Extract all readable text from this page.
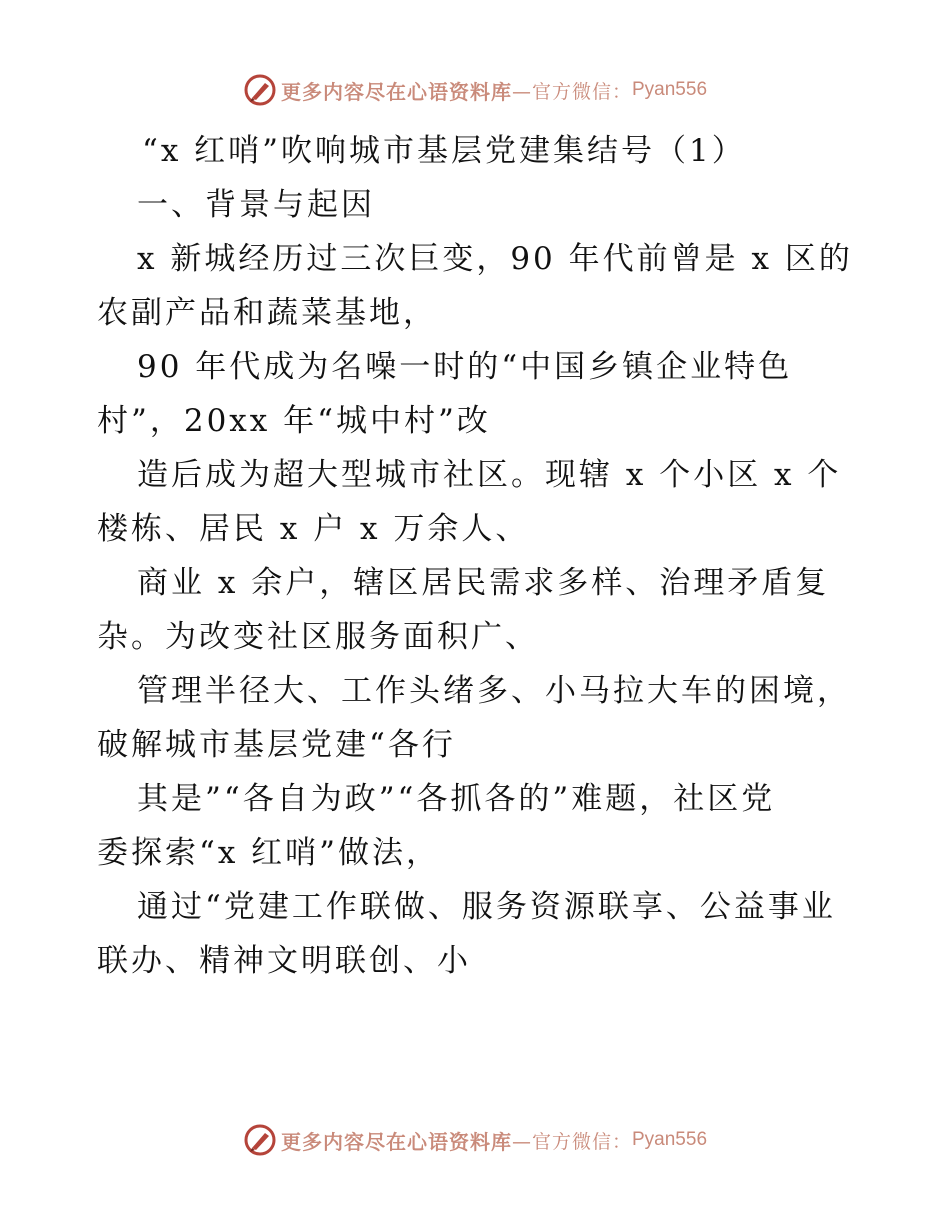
更多内容尽在心语资料库 —官方微信： Pyan556
“x 红哨”吹响城市基层党建集结号（1）
一、背景与起因
x 新城经历过三次巨变，90 年代前曾是 x 区的
农副产品和蔬菜基地，
90 年代成为名噪一时的“中国乡镇企业特色
村”，20xx 年“城中村”改
造后成为超大型城市社区。现辖 x 个小区 x 个
楼栋、居民 x 户 x 万余人、
商业 x 余户，辖区居民需求多样、治理矛盾复
杂。为改变社区服务面积广、
管理半径大、工作头绪多、小马拉大车的困境，
破解城市基层党建“各行
其是”“各自为政”“各抓各的”难题，社区党
委探索“x 红哨”做法，
通过“党建工作联做、服务资源联享、公益事业
联办、精神文明联创、小
更多内容尽在心语资料库 —官方微信： Pyan556
